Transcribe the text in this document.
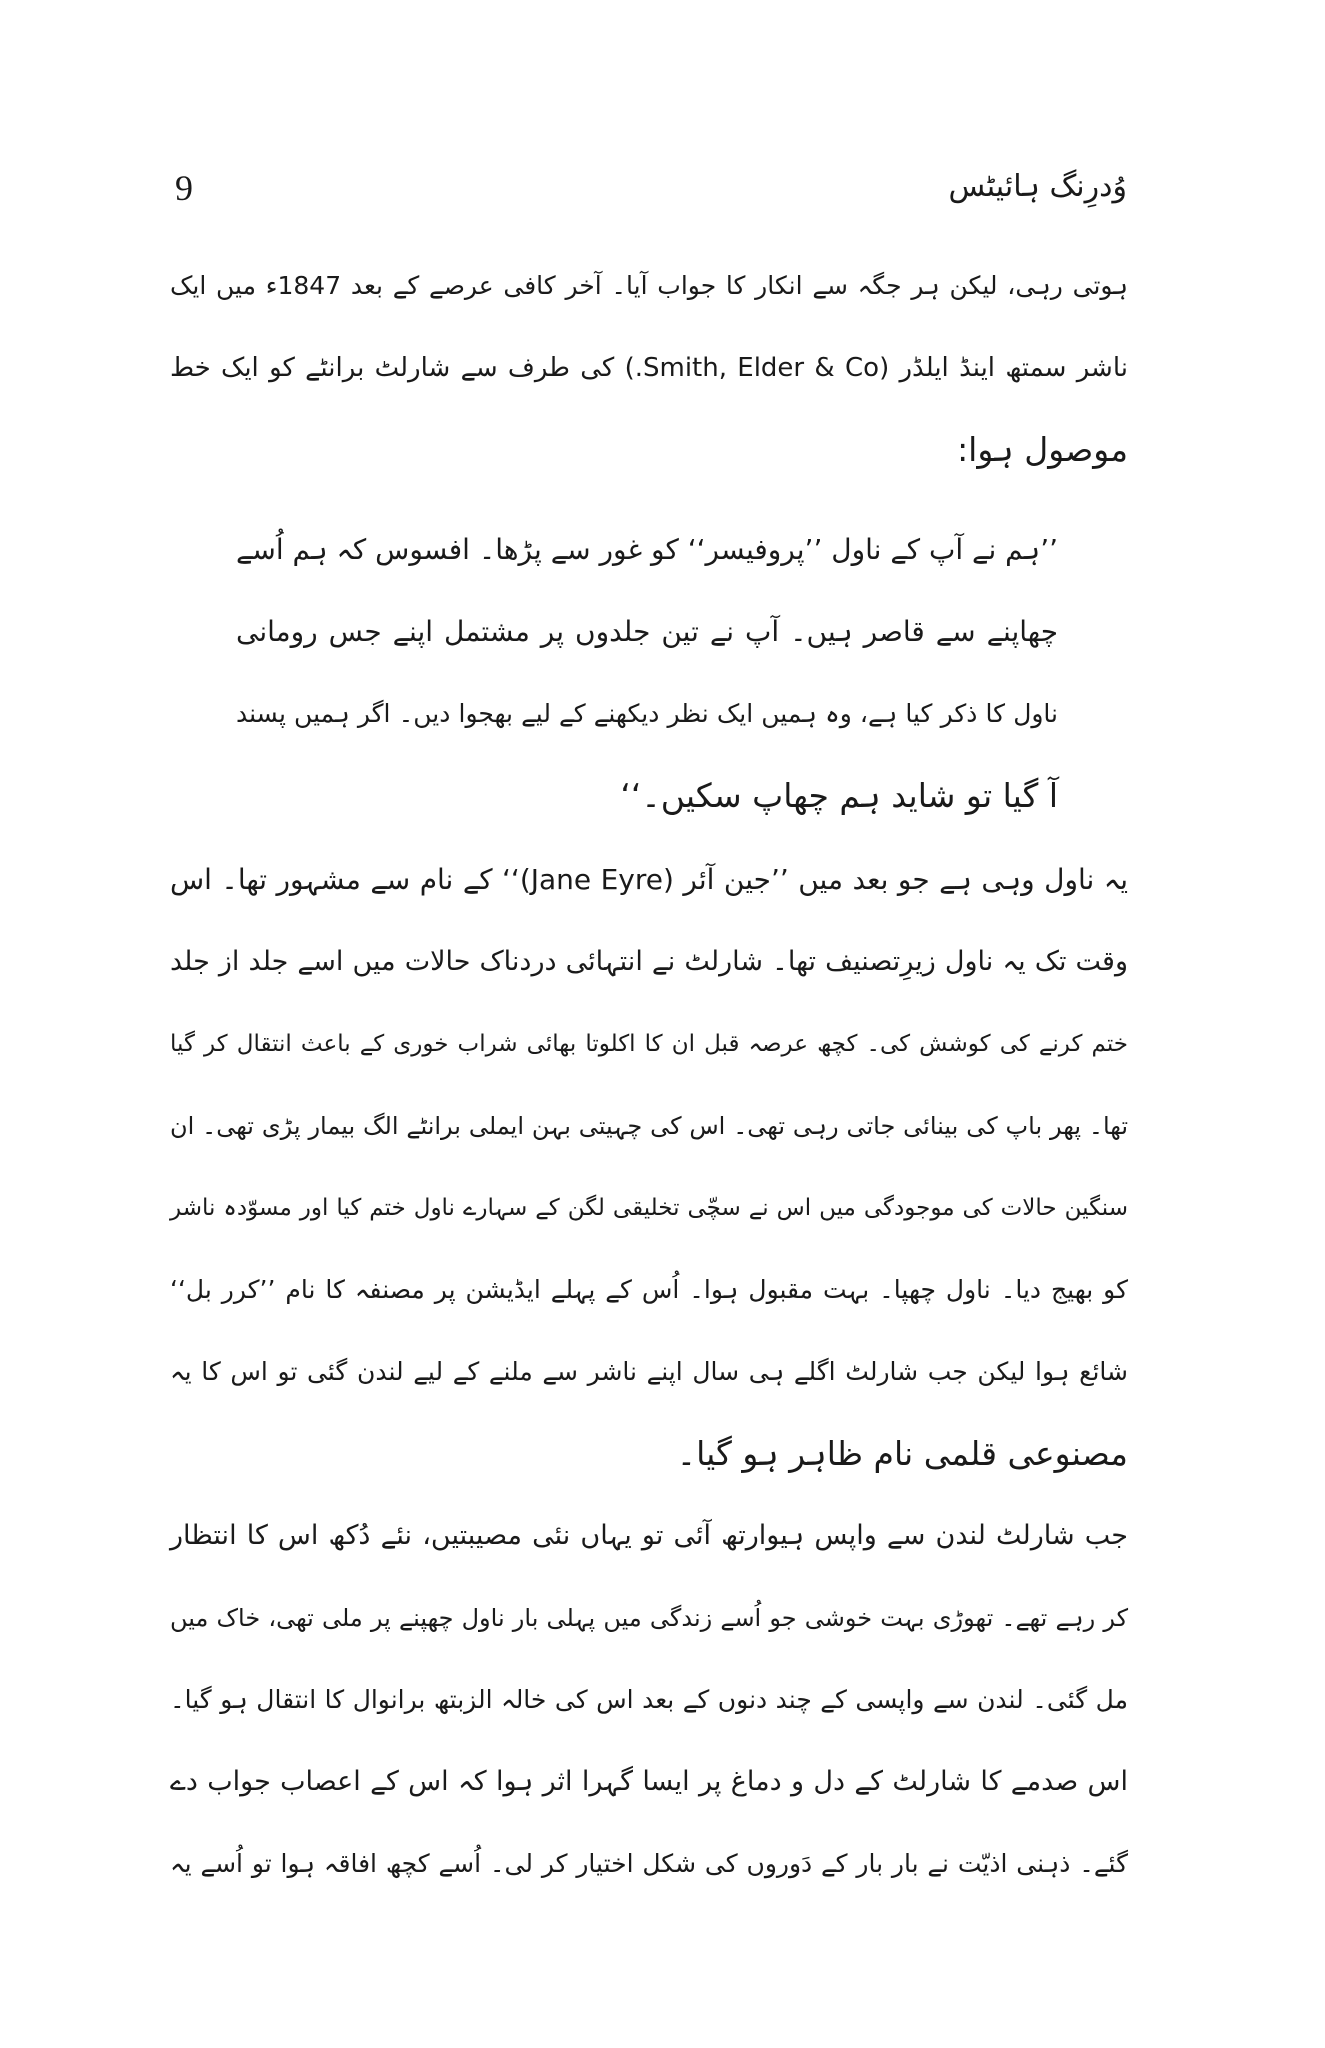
9	وُدرِنگ ہائیٹس
ہوتی رہی، لیکن ہر جگہ سے انکار کا جواب آیا۔ آخر کافی عرصے کے بعد 1847ء میں ایک
ناشر سمتھ اینڈ ایلڈر (Smith, Elder & Co.) کی طرف سے شارلٹ برانٹے کو ایک خط
موصول ہوا:
’’ہم نے آپ کے ناول ’’پروفیسر‘‘ کو غور سے پڑھا۔ افسوس کہ ہم اُسے
چھاپنے سے قاصر ہیں۔ آپ نے تین جلدوں پر مشتمل اپنے جس رومانی
ناول کا ذکر کیا ہے، وہ ہمیں ایک نظر دیکھنے کے لیے بھجوا دیں۔ اگر ہمیں پسند
آ گیا تو شاید ہم چھاپ سکیں۔‘‘
یہ ناول وہی ہے جو بعد میں ’’جین آئر (Jane Eyre)‘‘ کے نام سے مشہور تھا۔ اس
وقت تک یہ ناول زیرِتصنیف تھا۔ شارلٹ نے انتہائی دردناک حالات میں اسے جلد از جلد
ختم کرنے کی کوشش کی۔ کچھ عرصہ قبل ان کا اکلوتا بھائی شراب خوری کے باعث انتقال کر گیا
تھا۔ پھر باپ کی بینائی جاتی رہی تھی۔ اس کی چہیتی بہن ایملی برانٹے الگ بیمار پڑی تھی۔ ان
سنگین حالات کی موجودگی میں اس نے سچّی تخلیقی لگن کے سہارے ناول ختم کیا اور مسوّدہ ناشر
کو بھیج دیا۔ ناول چھپا۔ بہت مقبول ہوا۔ اُس کے پہلے ایڈیشن پر مصنفہ کا نام ’’کرر بل‘‘
شائع ہوا لیکن جب شارلٹ اگلے ہی سال اپنے ناشر سے ملنے کے لیے لندن گئی تو اس کا یہ
مصنوعی قلمی نام ظاہر ہو گیا۔
جب شارلٹ لندن سے واپس ہیوارتھ آئی تو یہاں نئی مصیبتیں، نئے دُکھ اس کا انتظار
کر رہے تھے۔ تھوڑی بہت خوشی جو اُسے زندگی میں پہلی بار ناول چھپنے پر ملی تھی، خاک میں
مل گئی۔ لندن سے واپسی کے چند دنوں کے بعد اس کی خالہ الزبتھ برانوال کا انتقال ہو گیا۔
اس صدمے کا شارلٹ کے دل و دماغ پر ایسا گہرا اثر ہوا کہ اس کے اعصاب جواب دے
گئے۔ ذہنی اذیّت نے بار بار کے دَوروں کی شکل اختیار کر لی۔ اُسے کچھ افاقہ ہوا تو اُسے یہ
